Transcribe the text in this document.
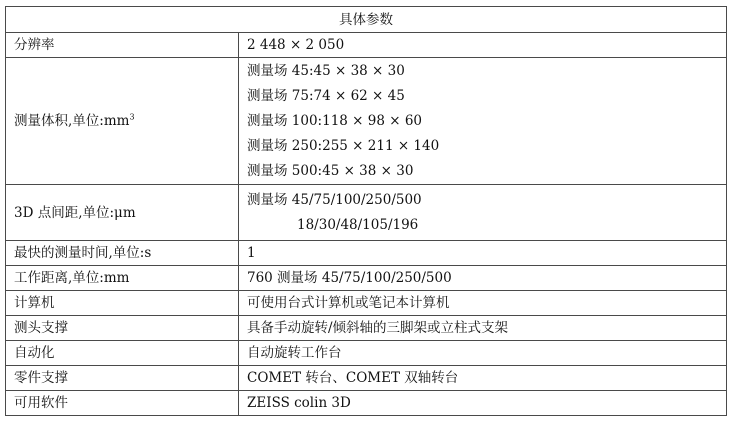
具体参数	
分辨率	2 448 × 2 050
测量体积,单位$:mm^3$	测量场 45:45 × 38 × 30
测量场 75:74 × 62 × 45
测量场 100:118 × 98 × 60
测量场 250:255 × 211 × 140
测量场 500:45 × 38 × 30

3D 点间距,单位:μm	测量场 45/75/100/250/500
18/30/48/105/196

最快的测量时间,单位:s	1
工作距离,单位:mm	760 测量场 45/75/100/250/500
计算机	可使用台式计算机或笔记本计算机
测头支撑	具备手动旋转/倾斜轴的三脚架或立柱式支架
自动化	自动旋转工作台
零件支撑	COMET 转台、COMET 双轴转台
可用软件	ZEISS colin 3D
